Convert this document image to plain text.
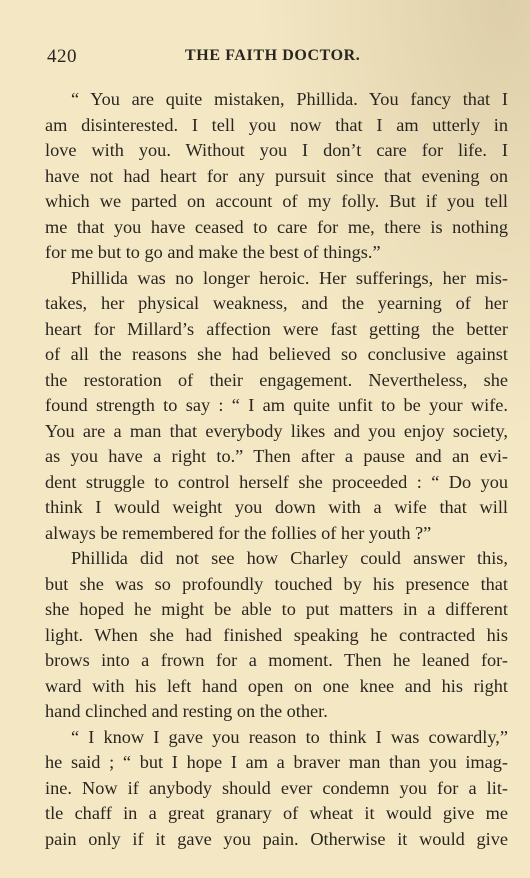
420	THE FAITH DOCTOR.
“ You are quite mistaken, Phillida. You fancy that I
am disinterested. I tell you now that I am utterly in
love with you. Without you I don’t care for life. I
have not had heart for any pursuit since that evening on
which we parted on account of my folly. But if you tell
me that you have ceased to care for me, there is nothing
for me but to go and make the best of things.”
Phillida was no longer heroic. Her sufferings, her mis-
takes, her physical weakness, and the yearning of her
heart for Millard’s affection were fast getting the better
of all the reasons she had believed so conclusive against
the restoration of their engagement. Nevertheless, she
found strength to say : “ I am quite unfit to be your wife.
You are a man that everybody likes and you enjoy society,
as you have a right to.” Then after a pause and an evi-
dent struggle to control herself she proceeded : “ Do you
think I would weight you down with a wife that will
always be remembered for the follies of her youth ?”
Phillida did not see how Charley could answer this,
but she was so profoundly touched by his presence that
she hoped he might be able to put matters in a different
light. When she had finished speaking he contracted his
brows into a frown for a moment. Then he leaned for-
ward with his left hand open on one knee and his right
hand clinched and resting on the other.
“ I know I gave you reason to think I was cowardly,”
he said ; “ but I hope I am a braver man than you imag-
ine. Now if anybody should ever condemn you for a lit-
tle chaff in a great granary of wheat it would give me
pain only if it gave you pain. Otherwise it would give
